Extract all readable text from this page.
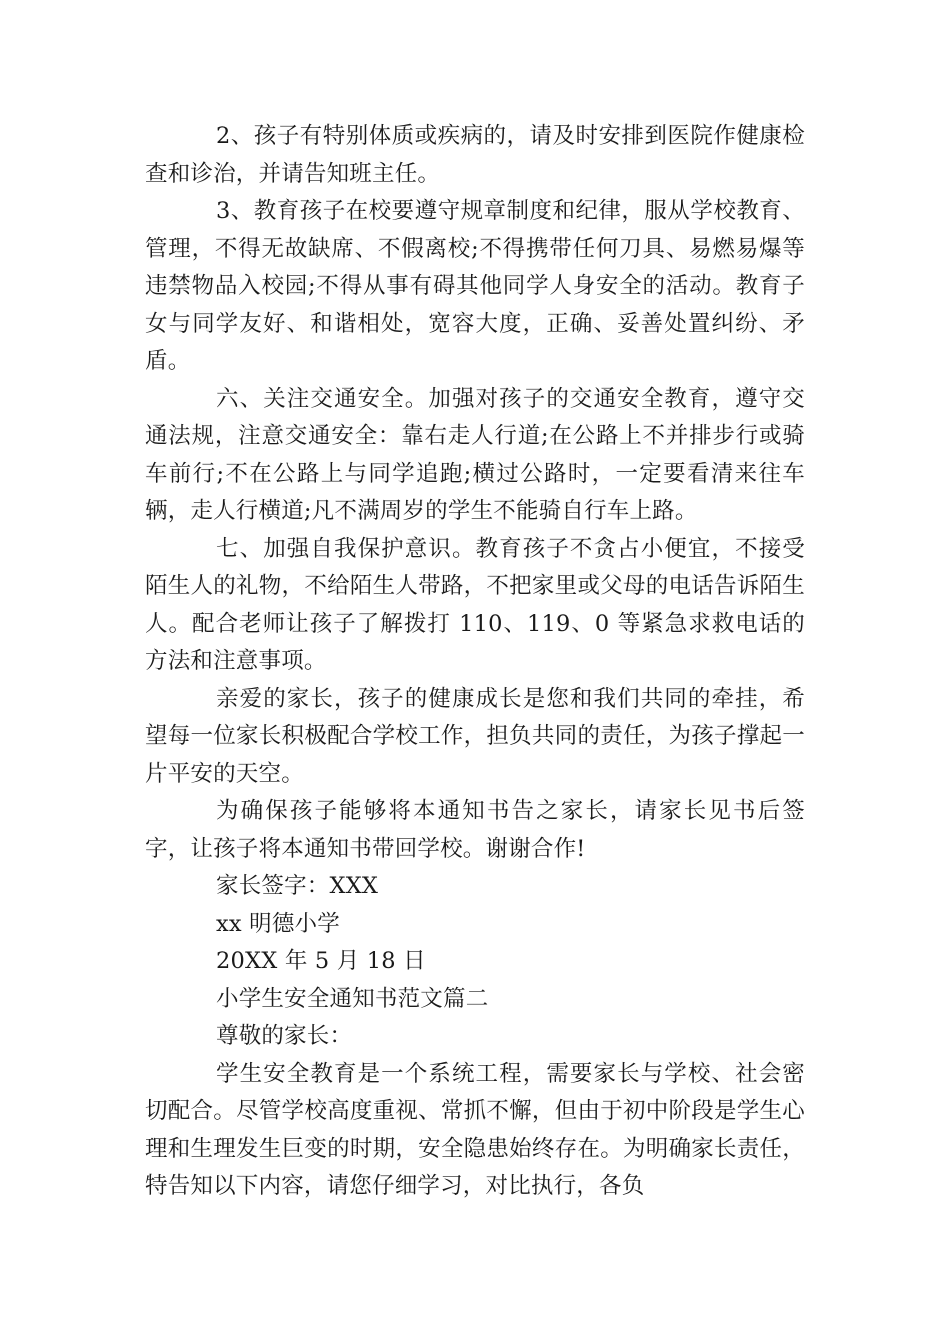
2、孩子有特别体质或疾病的，请及时安排到医院作健康检查和诊治，并请告知班主任。

3、教育孩子在校要遵守规章制度和纪律，服从学校教育、管理，不得无故缺席、不假离校;不得携带任何刀具、易燃易爆等违禁物品入校园;不得从事有碍其他同学人身安全的活动。教育子女与同学友好、和谐相处，宽容大度，正确、妥善处置纠纷、矛盾。

六、关注交通安全。加强对孩子的交通安全教育，遵守交通法规，注意交通安全：靠右走人行道;在公路上不并排步行或骑车前行;不在公路上与同学追跑;横过公路时，一定要看清来往车辆，走人行横道;凡不满周岁的学生不能骑自行车上路。

七、加强自我保护意识。教育孩子不贪占小便宜，不接受陌生人的礼物，不给陌生人带路，不把家里或父母的电话告诉陌生人。配合老师让孩子了解拨打 110、119、0 等紧急求救电话的方法和注意事项。

亲爱的家长，孩子的健康成长是您和我们共同的牵挂，希望每一位家长积极配合学校工作，担负共同的责任，为孩子撑起一片平安的天空。

为确保孩子能够将本通知书告之家长，请家长见书后签字，让孩子将本通知书带回学校。谢谢合作!

家长签字：XXX

xx 明德小学

20XX 年 5 月 18 日

小学生安全通知书范文篇二

尊敬的家长：

学生安全教育是一个系统工程，需要家长与学校、社会密切配合。尽管学校高度重视、常抓不懈，但由于初中阶段是学生心理和生理发生巨变的时期，安全隐患始终存在。为明确家长责任，特告知以下内容，请您仔细学习，对比执行，各负
